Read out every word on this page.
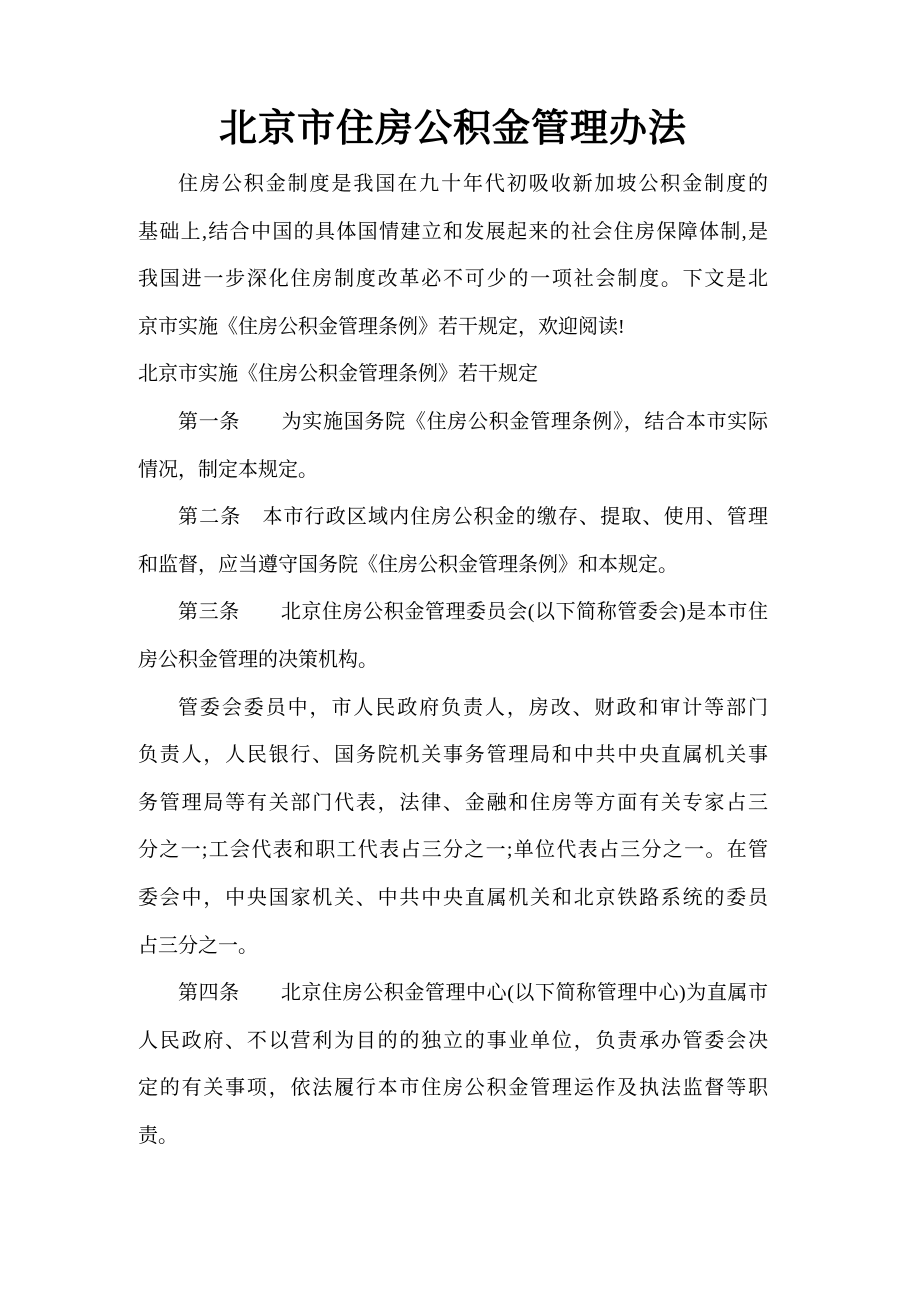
北京市住房公积金管理办法
住房公积金制度是我国在九十年代初吸收新加坡公积金制度的
基础上,结合中国的具体国情建立和发展起来的社会住房保障体制,是
我国进一步深化住房制度改革必不可少的一项社会制度。下文是北
京市实施《住房公积金管理条例》若干规定，欢迎阅读!
北京市实施《住房公积金管理条例》若干规定
第一条　　为实施国务院《住房公积金管理条例》，结合本市实际
情况，制定本规定。
第二条　本市行政区域内住房公积金的缴存、提取、使用、管理
和监督，应当遵守国务院《住房公积金管理条例》和本规定。
第三条　　北京住房公积金管理委员会(以下简称管委会)是本市住
房公积金管理的决策机构。
管委会委员中，市人民政府负责人，房改、财政和审计等部门
负责人，人民银行、国务院机关事务管理局和中共中央直属机关事
务管理局等有关部门代表，法律、金融和住房等方面有关专家占三
分之一;工会代表和职工代表占三分之一;单位代表占三分之一。在管
委会中，中央国家机关、中共中央直属机关和北京铁路系统的委员
占三分之一。
第四条　　北京住房公积金管理中心(以下简称管理中心)为直属市
人民政府、不以营利为目的的独立的事业单位，负责承办管委会决
定的有关事项，依法履行本市住房公积金管理运作及执法监督等职
责。
